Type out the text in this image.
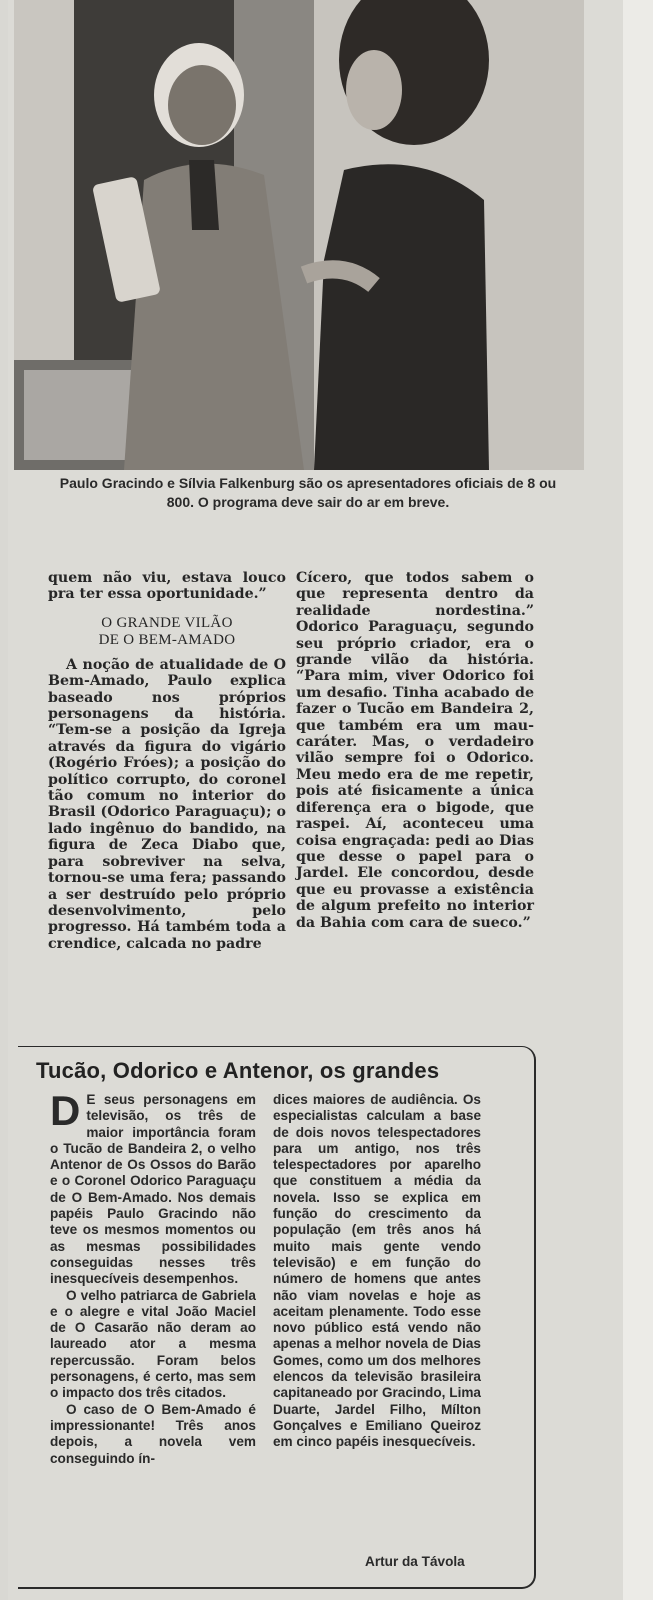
Paulo Gracindo e Sílvia Falkenburg são os apresentadores oficiais de 8 ou 800. O programa deve sair do ar em breve.

quem não viu, estava louco pra ter essa oportunidade.”

O GRANDE VILÃO
DE O BEM-AMADO

A noção de atualidade de O Bem-Amado, Paulo explica baseado nos próprios personagens da história. “Tem-se a posição da Igreja através da figura do vigário (Rogério Fróes); a posição do político corrupto, do coronel tão comum no interior do Brasil (Odorico Paraguaçu); o lado ingênuo do bandido, na figura de Zeca Diabo que, para sobreviver na selva, tornou-se uma fera; passando a ser destruído pelo próprio desenvolvimento, pelo progresso. Há também toda a crendice, calcada no padre

Cícero, que todos sabem o que representa dentro da realidade nordestina.” Odorico Paraguaçu, segundo seu próprio criador, era o grande vilão da história. “Para mim, viver Odorico foi um desafio. Tinha acabado de fazer o Tucão em Bandeira 2, que também era um mau-caráter. Mas, o verdadeiro vilão sempre foi o Odorico. Meu medo era de me repetir, pois até fisicamente a única diferença era o bigode, que raspei. Aí, aconteceu uma coisa engraçada: pedi ao Dias que desse o papel para o Jardel. Ele concordou, desde que eu provasse a existência de algum prefeito no interior da Bahia com cara de sueco.”

Tucão, Odorico e Antenor, os grandes

D E seus personagens em televisão, os três de maior importância foram o Tucão de Bandeira 2, o velho Antenor de Os Ossos do Barão e o Coronel Odorico Paraguaçu de O Bem-Amado. Nos demais papéis Paulo Gracindo não teve os mesmos momentos ou as mesmas possibilidades conseguidas nesses três inesquecíveis desempenhos.

O velho patriarca de Gabriela e o alegre e vital João Maciel de O Casarão não deram ao laureado ator a mesma repercussão. Foram belos personagens, é certo, mas sem o impacto dos três citados.

O caso de O Bem-Amado é impressionante! Três anos depois, a novela vem conseguindo ín-

dices maiores de audiência. Os especialistas calculam a base de dois novos telespectadores para um antigo, nos três telespectadores por aparelho que constituem a média da novela. Isso se explica em função do crescimento da população (em três anos há muito mais gente vendo televisão) e em função do número de homens que antes não viam novelas e hoje as aceitam plenamente. Todo esse novo público está vendo não apenas a melhor novela de Dias Gomes, como um dos melhores elencos da televisão brasileira capitaneado por Gracindo, Lima Duarte, Jardel Filho, Mílton Gonçalves e Emiliano Queiroz em cinco papéis inesquecíveis.

Artur da Távola
